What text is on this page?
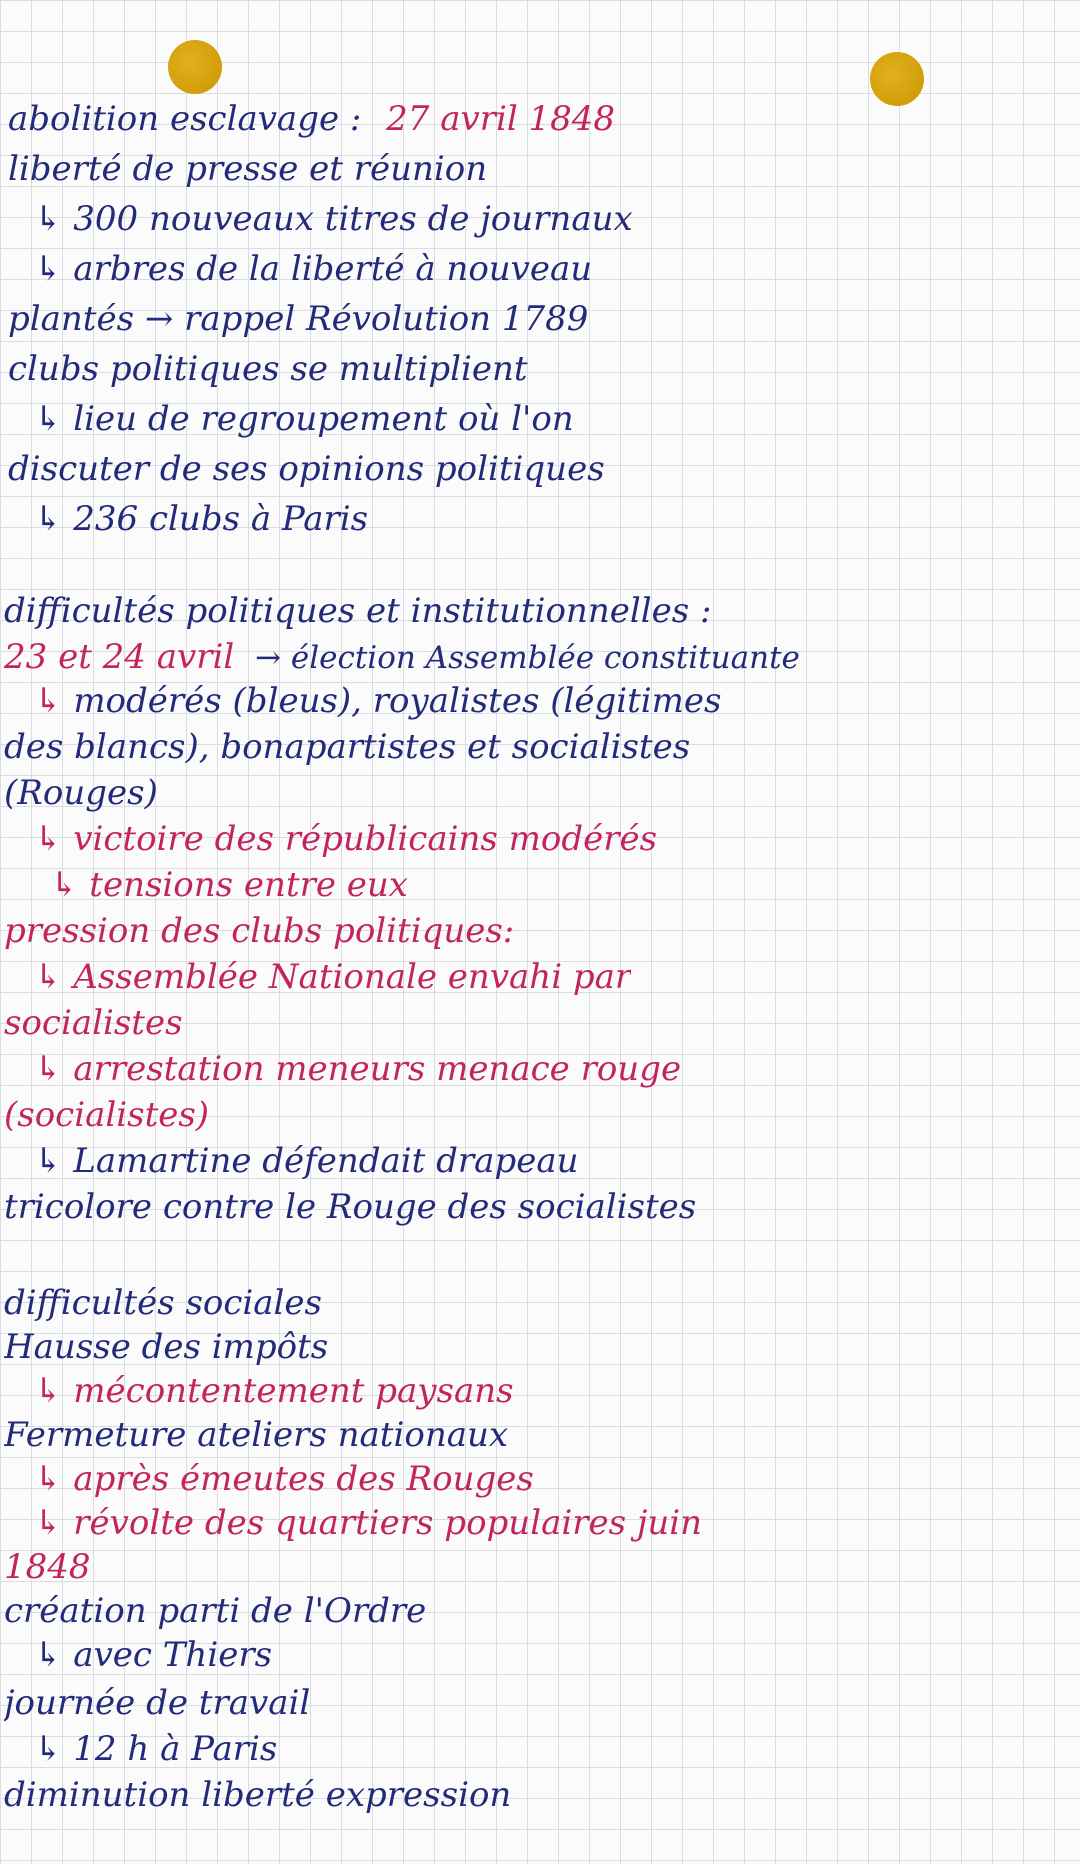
abolition esclavage : 27 avril 1848
liberté de presse et réunion
↳ 300 nouveaux titres de journaux
↳ arbres de la liberté à nouveau
plantés → rappel Révolution 1789
clubs politiques se multiplient
↳ lieu de regroupement où l'on
discuter de ses opinions politiques
↳ 236 clubs à Paris
difficultés politiques et institutionnelles :
23 et 24 avril → élection Assemblée constituante
↳ modérés (bleus), royalistes (légitimes
des blancs), bonapartistes et socialistes
(Rouges)
↳ victoire des républicains modérés
↳ tensions entre eux
pression des clubs politiques:
↳ Assemblée Nationale envahi par
socialistes
↳ arrestation meneurs menace rouge
(socialistes)
↳ Lamartine défendait drapeau
tricolore contre le Rouge des socialistes
difficultés sociales
Hausse des impôts
↳ mécontentement paysans
Fermeture ateliers nationaux
↳ après émeutes des Rouges
↳ révolte des quartiers populaires juin
1848
création parti de l'Ordre
↳ avec Thiers
journée de travail
↳ 12 h à Paris
diminution liberté expression
